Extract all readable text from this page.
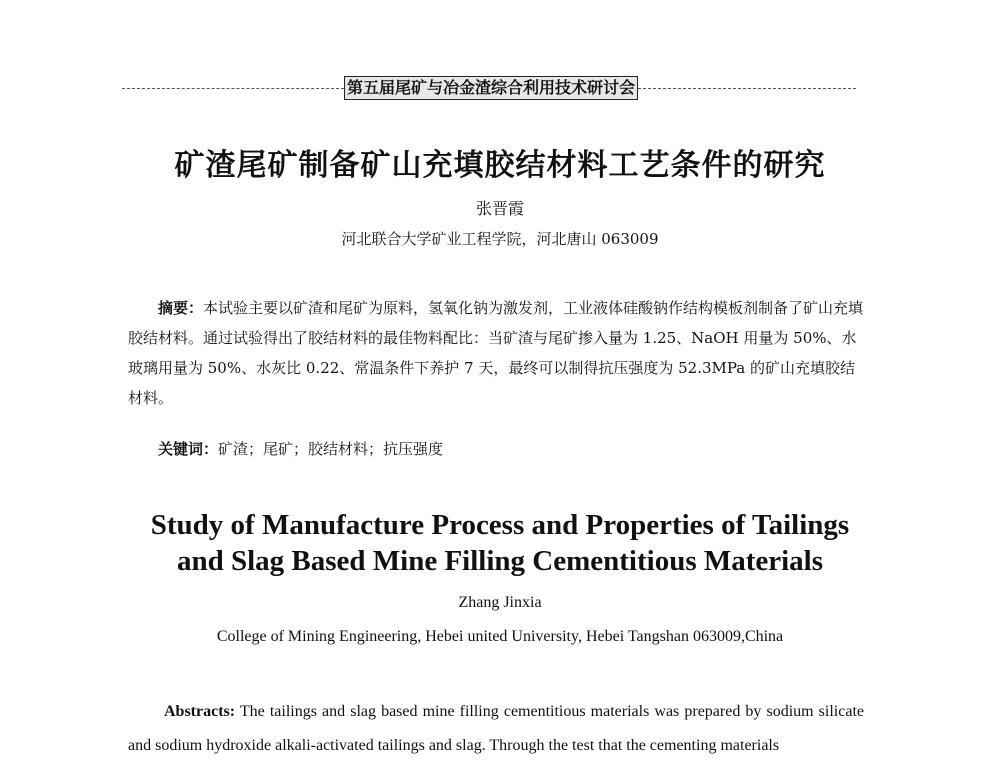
第五届尾矿与冶金渣综合利用技术研讨会
矿渣尾矿制备矿山充填胶结材料工艺条件的研究
张晋霞
河北联合大学矿业工程学院，河北唐山 063009

摘要：本试验主要以矿渣和尾矿为原料，氢氧化钠为激发剂，工业液体硅酸钠作结构模板剂制备了矿山充填胶结材料。通过试验得出了胶结材料的最佳物料配比：当矿渣与尾矿掺入量为 1.25、NaOH 用量为 50%、水玻璃用量为 50%、水灰比 0.22、常温条件下养护 7 天，最终可以制得抗压强度为 52.3MPa 的矿山充填胶结材料。

关键词：矿渣；尾矿；胶结材料；抗压强度

Study of Manufacture Process and Properties of Tailings
and Slag Based Mine Filling Cementitious Materials
Zhang Jinxia
College of Mining Engineering, Hebei united University, Hebei Tangshan 063009,China

Abstracts: The tailings and slag based mine filling cementitious materials was prepared by sodium silicate and sodium hydroxide alkali-activated tailings and slag. Through the test that the cementing materials
